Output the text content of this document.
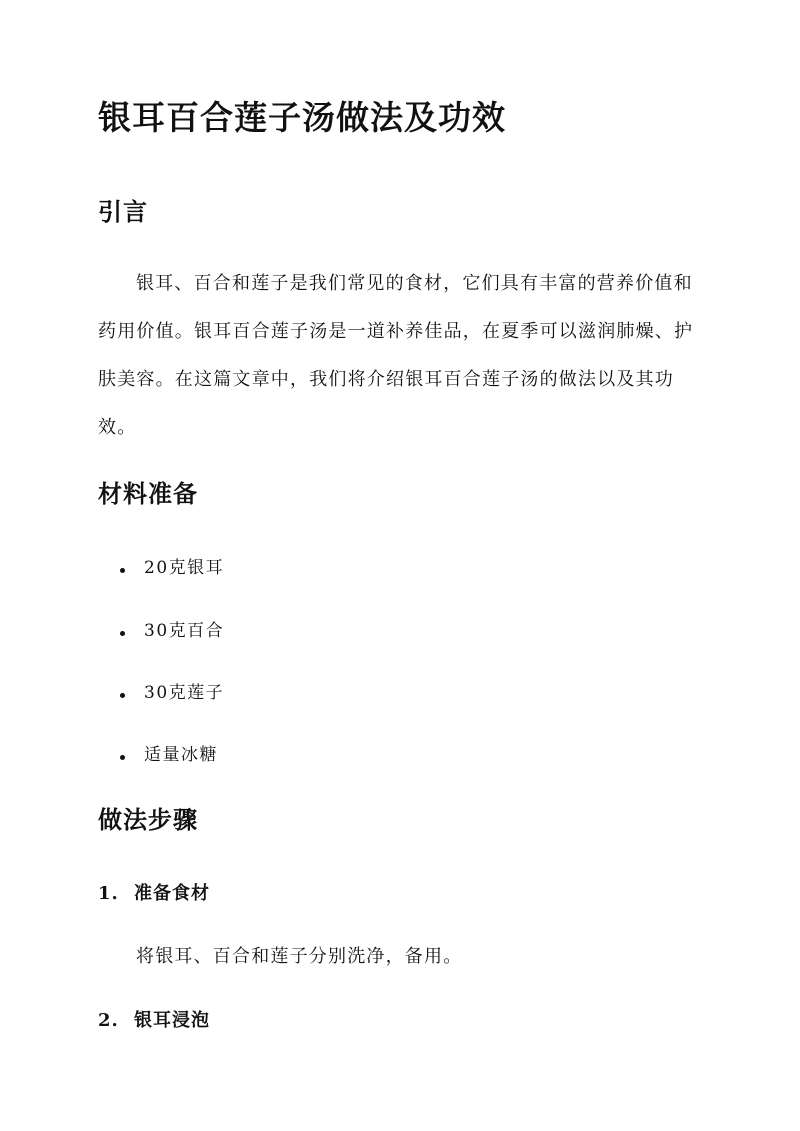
银耳百合莲子汤做法及功效
引言

银耳、百合和莲子是我们常见的食材，它们具有丰富的营养价值和药用价值。银耳百合莲子汤是一道补养佳品，在夏季可以滋润肺燥、护肤美容。在这篇文章中，我们将介绍银耳百合莲子汤的做法以及其功效。

材料准备
20克银耳
30克百合
30克莲子
适量冰糖
做法步骤
1. 准备食材
将银耳、百合和莲子分别洗净，备用。
2. 银耳浸泡
